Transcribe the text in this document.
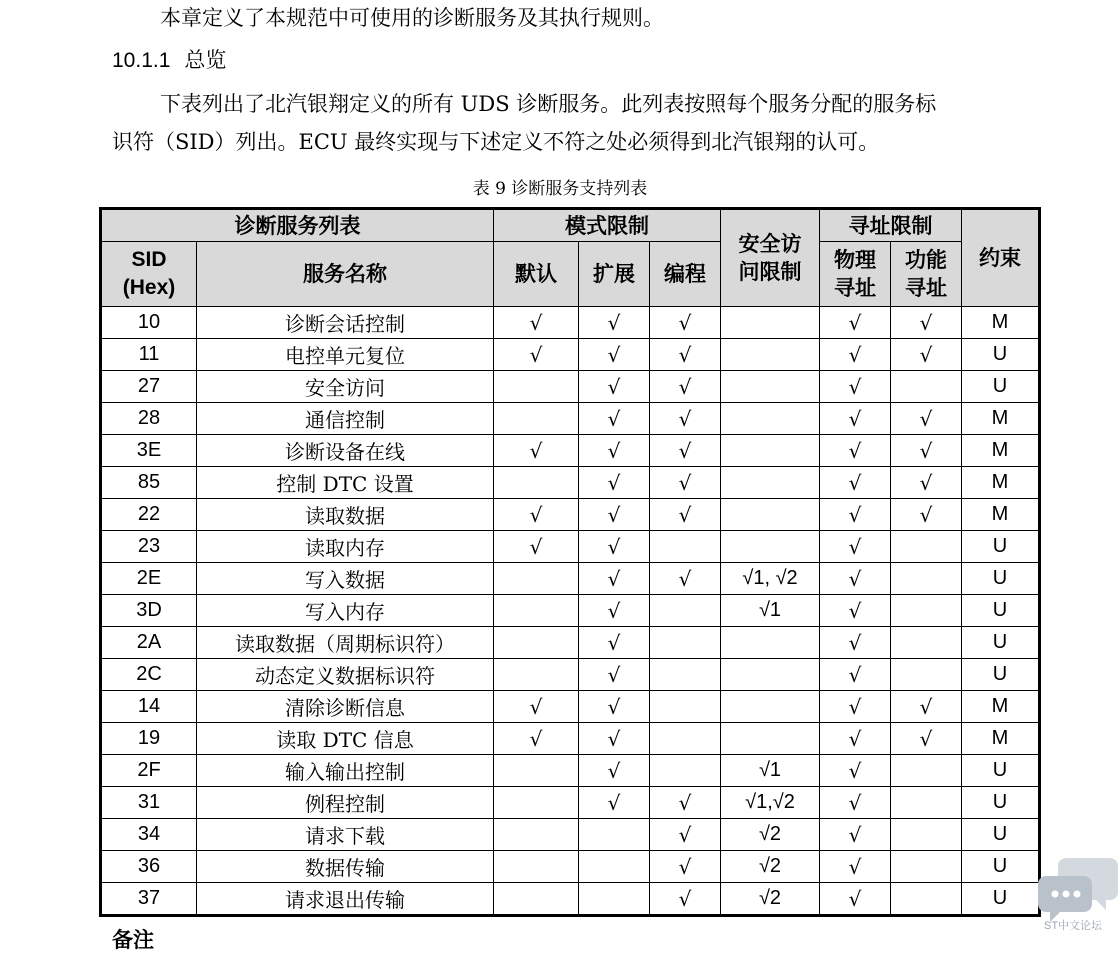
本章定义了本规范中可使用的诊断服务及其执行规则。
10.1.1 总览
下表列出了北汽银翔定义的所有 UDS 诊断服务。此列表按照每个服务分配的服务标
识符（SID）列出。ECU 最终实现与下述定义不符之处必须得到北汽银翔的认可。
表 9 诊断服务支持列表
诊断服务列表		模式限制			安全访问限制	寻址限制		约束

SID (Hex)	服务名称	默认	扩展	编程		物理寻址	功能寻址	

10	诊断会话控制	√	√	√		√	√	M
11	电控单元复位	√	√	√		√	√	U
27	安全访问		√	√		√		U
28	通信控制		√	√		√	√	M
3E	诊断设备在线	√	√	√		√	√	M
85	控制 DTC 设置		√	√		√	√	M
22	读取数据	√	√	√		√	√	M
23	读取内存	√	√			√		U
2E	写入数据		√	√	√1, √2	√		U
3D	写入内存		√		√1	√		U
2A	读取数据（周期标识符）		√			√		U
2C	动态定义数据标识符		√			√		U
14	清除诊断信息	√	√			√	√	M
19	读取 DTC 信息	√	√			√	√	M
2F	输入输出控制		√		√1	√		U
31	例程控制		√	√	√1,√2	√		U
34	请求下载			√	√2	√		U
36	数据传输			√	√2	√		U
37	请求退出传输			√	√2	√		U
备注
ST中文论坛
